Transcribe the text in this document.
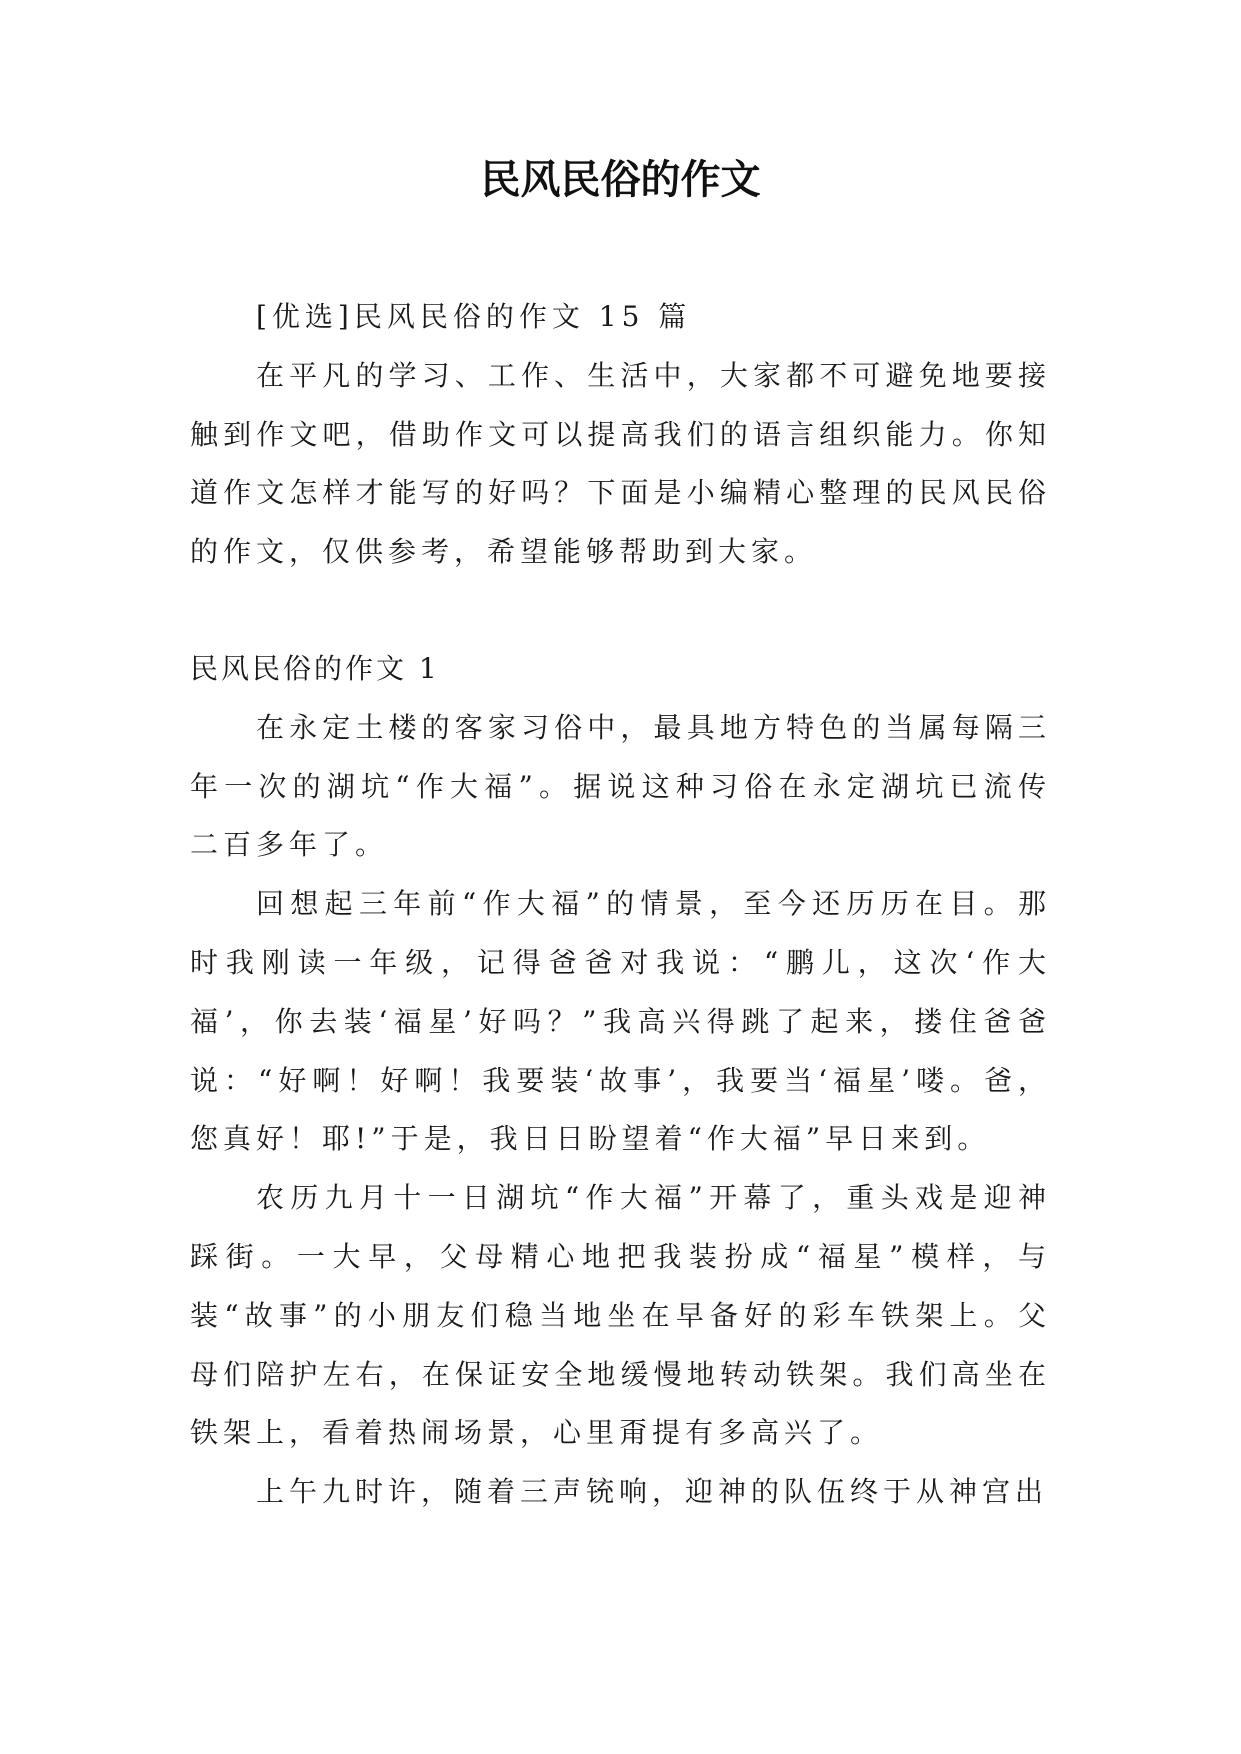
民风民俗的作文

[优选]民风民俗的作文 15 篇

在平凡的学习、工作、生活中，大家都不可避免地要接触到作文吧，借助作文可以提高我们的语言组织能力。你知道作文怎样才能写的好吗？下面是小编精心整理的民风民俗的作文，仅供参考，希望能够帮助到大家。

民风民俗的作文 1

在永定土楼的客家习俗中，最具地方特色的当属每隔三年一次的湖坑“作大福”。据说这种习俗在永定湖坑已流传二百多年了。

回想起三年前“作大福”的情景，至今还历历在目。那时我刚读一年级，记得爸爸对我说：“鹏儿，这次‘作大福’，你去装‘福星’好吗？”我高兴得跳了起来，搂住爸爸说：“好啊！好啊！我要装‘故事’，我要当‘福星’喽。爸，您真好！耶!”于是，我日日盼望着“作大福”早日来到。

农历九月十一日湖坑“作大福”开幕了，重头戏是迎神踩街。一大早，父母精心地把我装扮成“福星”模样，与装“故事”的小朋友们稳当地坐在早备好的彩车铁架上。父母们陪护左右，在保证安全地缓慢地转动铁架。我们高坐在铁架上，看着热闹场景，心里甭提有多高兴了。

上午九时许，随着三声铳响，迎神的队伍终于从神宫出
